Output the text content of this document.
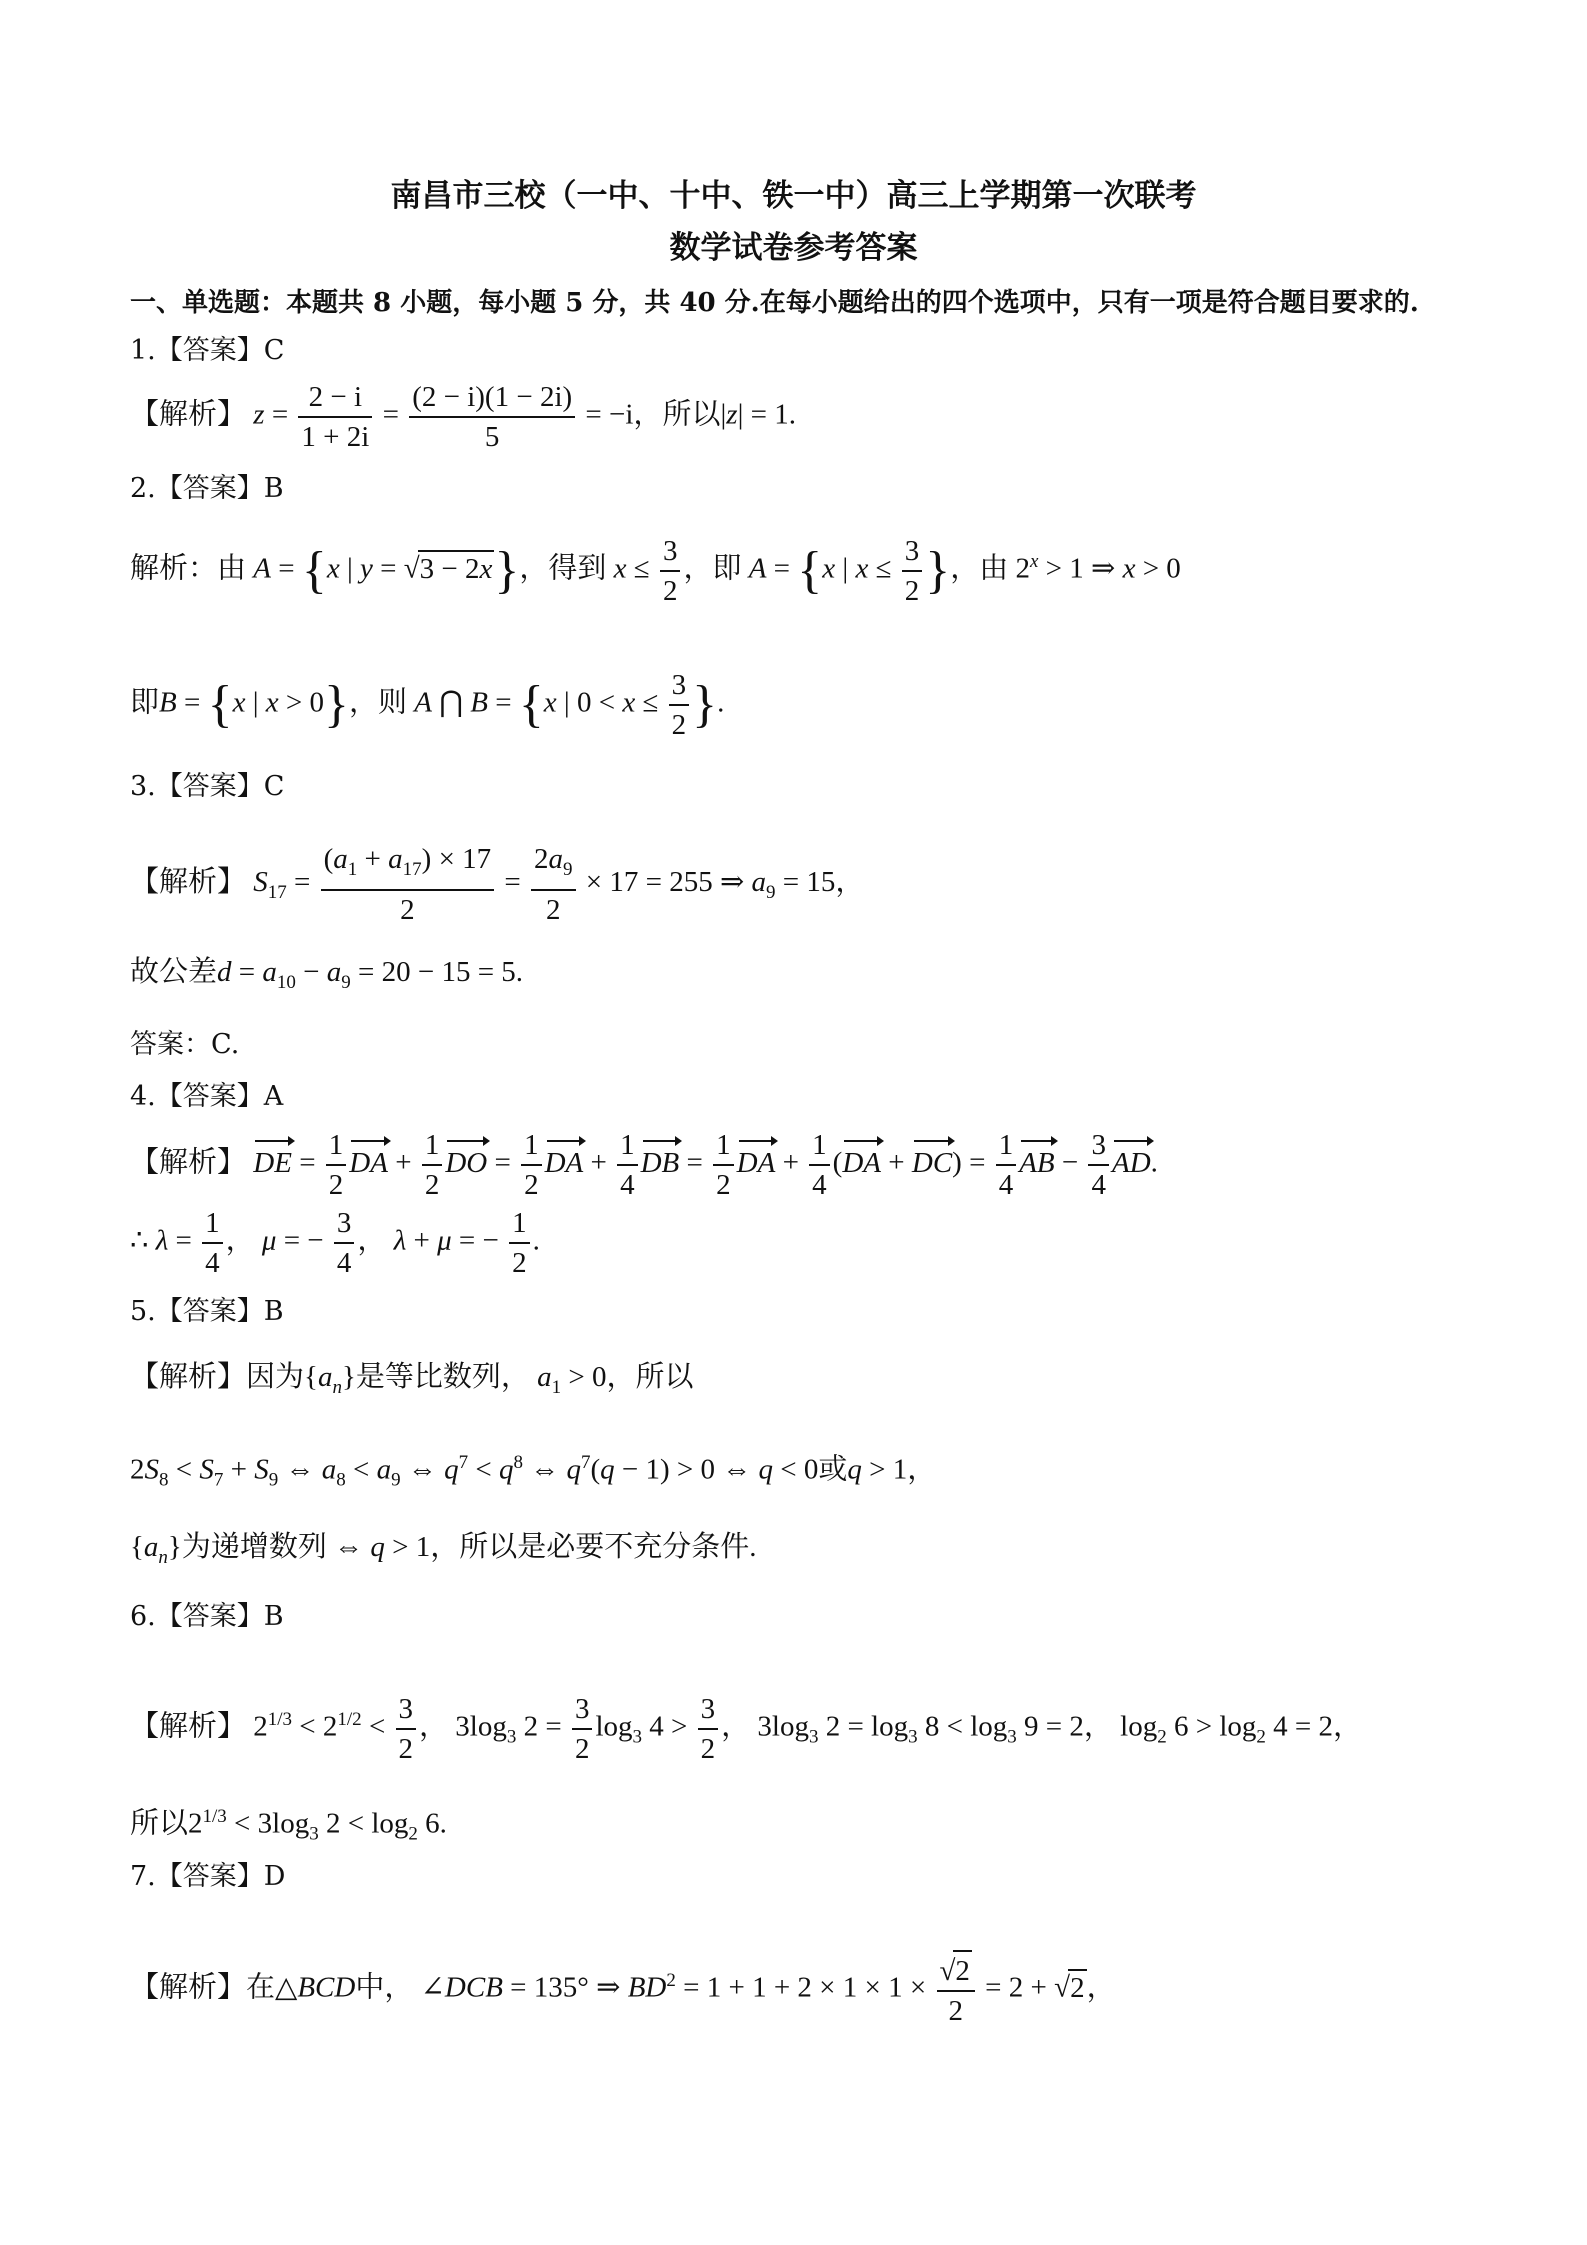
南昌市三校（一中、十中、铁一中）高三上学期第一次联考
数学试卷参考答案
一、单选题：本题共 8 小题，每小题 5 分，共 40 分.在每小题给出的四个选项中，只有一项是符合题目要求的.
1.【答案】C
【解析】 $z = \frac{2 - i}{1 + 2i} = \frac{(2 - i)(1 - 2i)}{5} = -i$，所以|z| = 1.
2.【答案】B
解析：由 A = {x | y = √3 − 2x}，得到 $x \le \frac{3}{2}$ ，即 A = {x | $x \le \frac{3}{2}$ }，由 $2^x > 1$ ⇒ x > 0
即B = {x | x > 0}，则 A ⋂ B = {x | $0 < x \le \frac{3}{2}$ }.
3.【答案】C
【解析】 $S_{17} = \frac{(a_1 + a_{17}) \times 17}{2} = \frac{2a_9}{2} \times 17 = 255$ ⇒ $a_9 = 15$，
故公差$d = a_{10} - a_9 = 20 - 15 = 5$.
答案：C.
4.【答案】A
【解析】 DE = $\frac{1}{2}$ DA + $\frac{1}{2}$ DO = $\frac{1}{2}$ DA + $\frac{1}{4}$ DB = $\frac{1}{2}$ DA + $\frac{1}{4} (DA + DC) = \frac{1}{4}$ AB − $\frac{3}{4}$ AD.
∴ $\lambda = \frac{1}{4}$ ， μ = − $\frac{3}{4}$ ， λ + μ = − $\frac{1}{2}$ .
5.【答案】B
【解析】因为$\{a_n\}$是等比数列， $a_1 > 0$，所以
$2S_8 < S_7 + S_9$ ⇔ $a_8 < a_9$ ⇔ $q^7 < q^8$ ⇔ $q^7(q - 1) > 0$ ⇔ q < 0或q > 1，
$\{a_n\}$为递增数列 ⇔ q > 1，所以是必要不充分条件.
6.【答案】B
【解析】 $2^{1/3} < 2^{1/2} < \frac{3}{2}$ ， $3\log_3$ $2 = \frac{3}{2} \log_3 4 > \frac{3}{2}$ ， $3\log_3$ $2 = \log_3 8 < \log_3 9 = 2$， $\log_2 6 > \log_2 4 = 2$，
所以$2^{1/3} < 3\log_3$ $2 < \log_2 6$.
7.【答案】D
【解析】在△BCD中， ∠DCB = 135° ⇒ $BD^2 = 1 + 1 + 2 \times 1 \times 1 \times \frac{√2}{2} = 2 + √2$，
